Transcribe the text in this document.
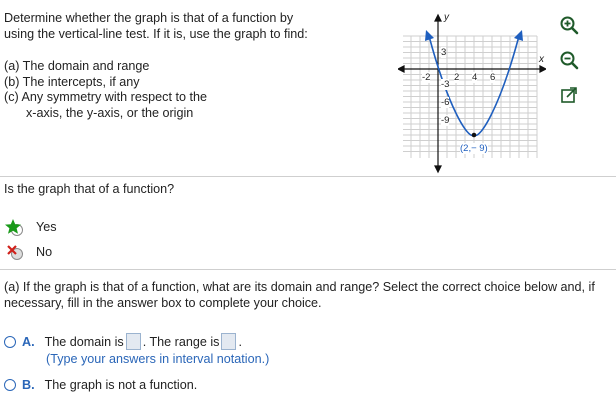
Determine whether the graph is that of a function by
using the vertical-line test. If it is, use the graph to find:
(a) The domain and range
(b) The intercepts, if any
(c) Any symmetry with respect to the
x-axis, the y-axis, or the origin
y
x
-2 2 4 6
3
-3
-6
-9
(2,− 9)
Is the graph that of a function?
Yes
No
(a) If the graph is that of a function, what are its domain and range? Select the correct choice below and, if
necessary, fill in the answer box to complete your choice.
A. The domain is . The range is .
(Type your answers in interval notation.)
B. The graph is not a function.
